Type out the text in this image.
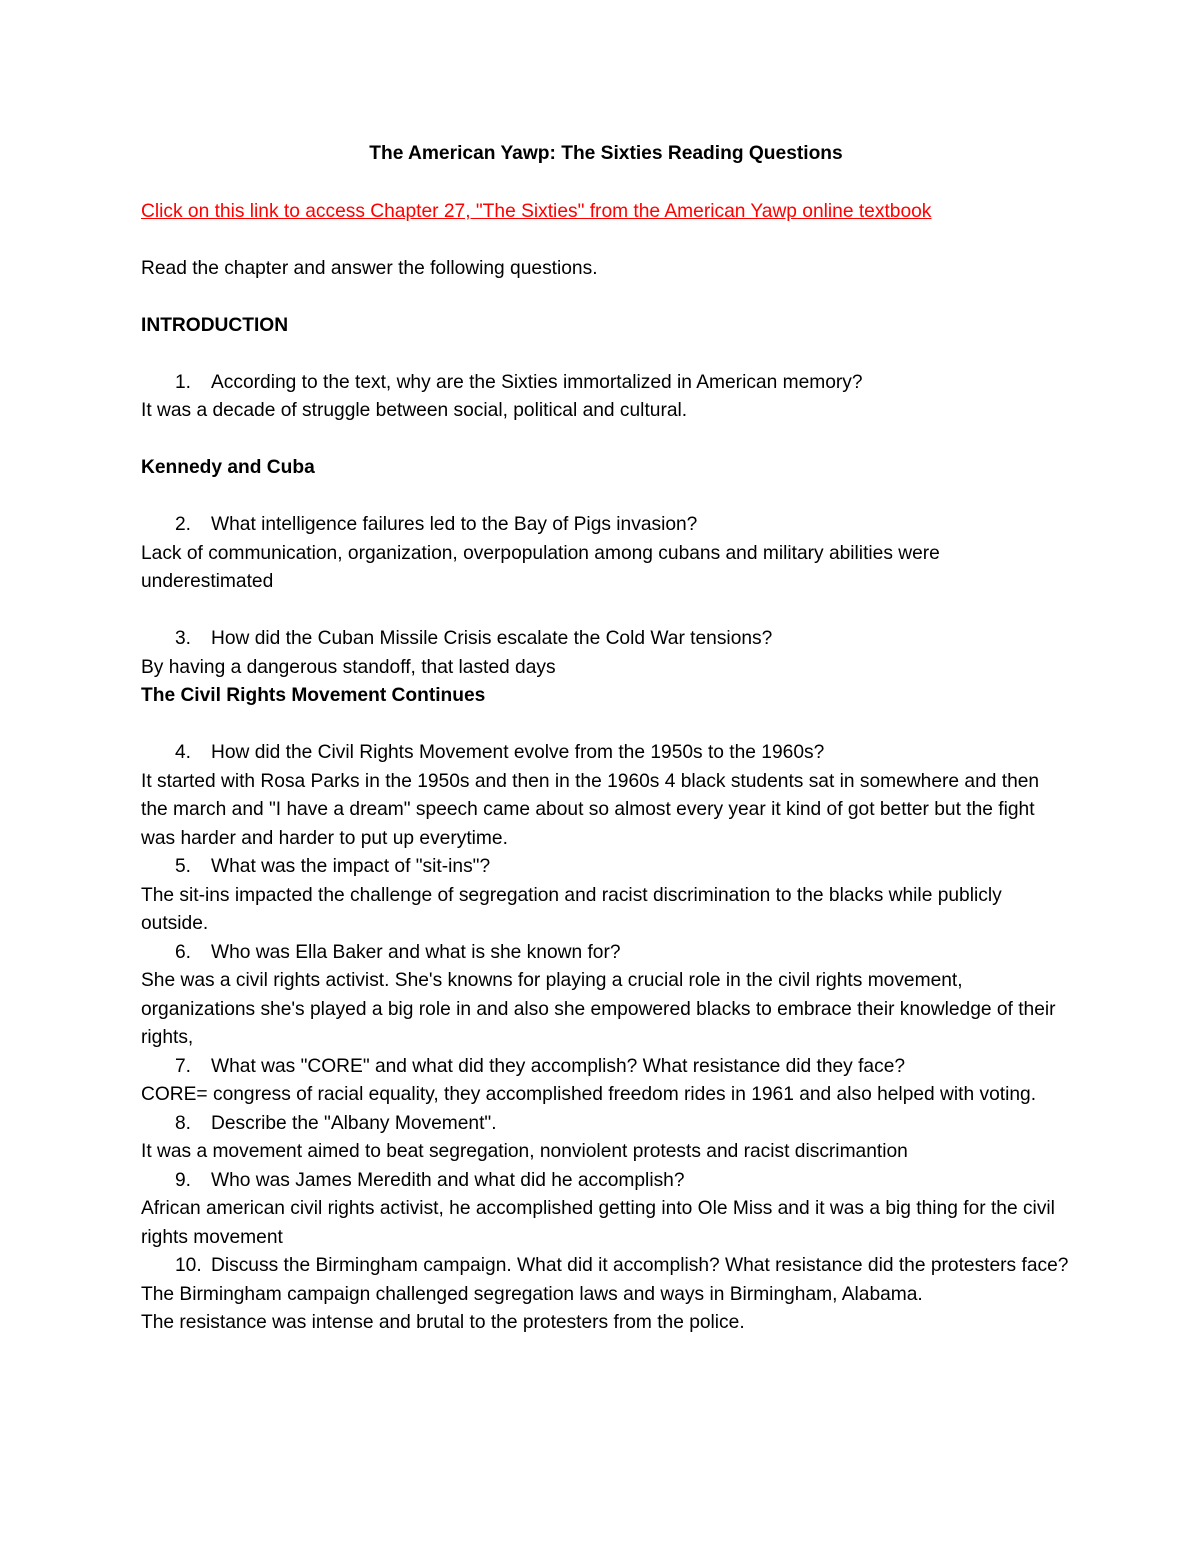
The American Yawp: The Sixties Reading Questions
Click on this link to access Chapter 27, "The Sixties" from the American Yawp online textbook

Read the chapter and answer the following questions.

INTRODUCTION

1. According to the text, why are the Sixties immortalized in American memory?

It was a decade of struggle between social, political and cultural.

Kennedy and Cuba

2. What intelligence failures led to the Bay of Pigs invasion?

Lack of communication, organization, overpopulation among cubans and military abilities were underestimated

3. How did the Cuban Missile Crisis escalate the Cold War tensions?

By having a dangerous standoff, that lasted days

The Civil Rights Movement Continues

4. How did the Civil Rights Movement evolve from the 1950s to the 1960s?

It started with Rosa Parks in the 1950s and then in the 1960s 4 black students sat in somewhere and then the march and "I have a dream" speech came about so almost every year it kind of got better but the fight was harder and harder to put up everytime.

5. What was the impact of "sit-ins"?

The sit-ins impacted the challenge of segregation and racist discrimination to the blacks while publicly outside.

6. Who was Ella Baker and what is she known for?

She was a civil rights activist. She's knowns for playing a crucial role in the civil rights movement, organizations she's played a big role in and also she empowered blacks to embrace their knowledge of their rights,

7. What was "CORE" and what did they accomplish? What resistance did they face?

CORE= congress of racial equality, they accomplished freedom rides in 1961 and also helped with voting.

8. Describe the "Albany Movement".

It was a movement aimed to beat segregation, nonviolent protests and racist discrimantion

9. Who was James Meredith and what did he accomplish?

African american civil rights activist, he accomplished getting into Ole Miss and it was a big thing for the civil rights movement

10. Discuss the Birmingham campaign. What did it accomplish? What resistance did the protesters face?

The Birmingham campaign challenged segregation laws and ways in Birmingham, Alabama.

The resistance was intense and brutal to the protesters from the police.
